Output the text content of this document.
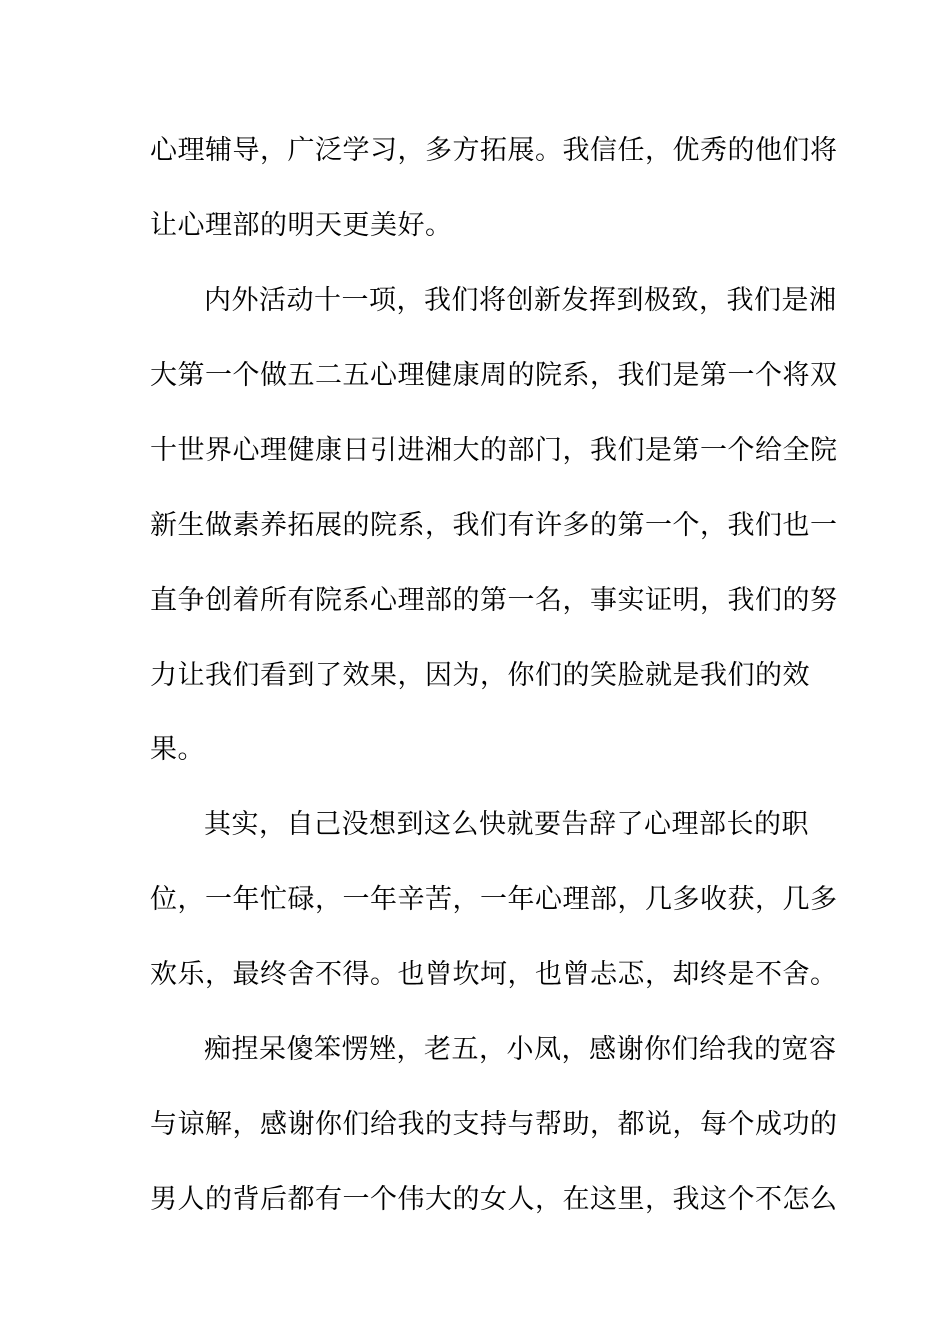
心理辅导，广泛学习，多方拓展。我信任，优秀的他们将
让心理部的明天更美好。
内外活动十一项，我们将创新发挥到极致，我们是湘
大第一个做五二五心理健康周的院系，我们是第一个将双
十世界心理健康日引进湘大的部门，我们是第一个给全院
新生做素养拓展的院系，我们有许多的第一个，我们也一
直争创着所有院系心理部的第一名，事实证明，我们的努
力让我们看到了效果，因为，你们的笑脸就是我们的效
果。
其实，自己没想到这么快就要告辞了心理部长的职
位，一年忙碌，一年辛苦，一年心理部，几多收获，几多
欢乐，最终舍不得。也曾坎坷，也曾忐忑，却终是不舍。
痴捏呆傻笨愣矬，老五，小凤，感谢你们给我的宽容
与谅解，感谢你们给我的支持与帮助，都说，每个成功的
男人的背后都有一个伟大的女人，在这里，我这个不怎么
